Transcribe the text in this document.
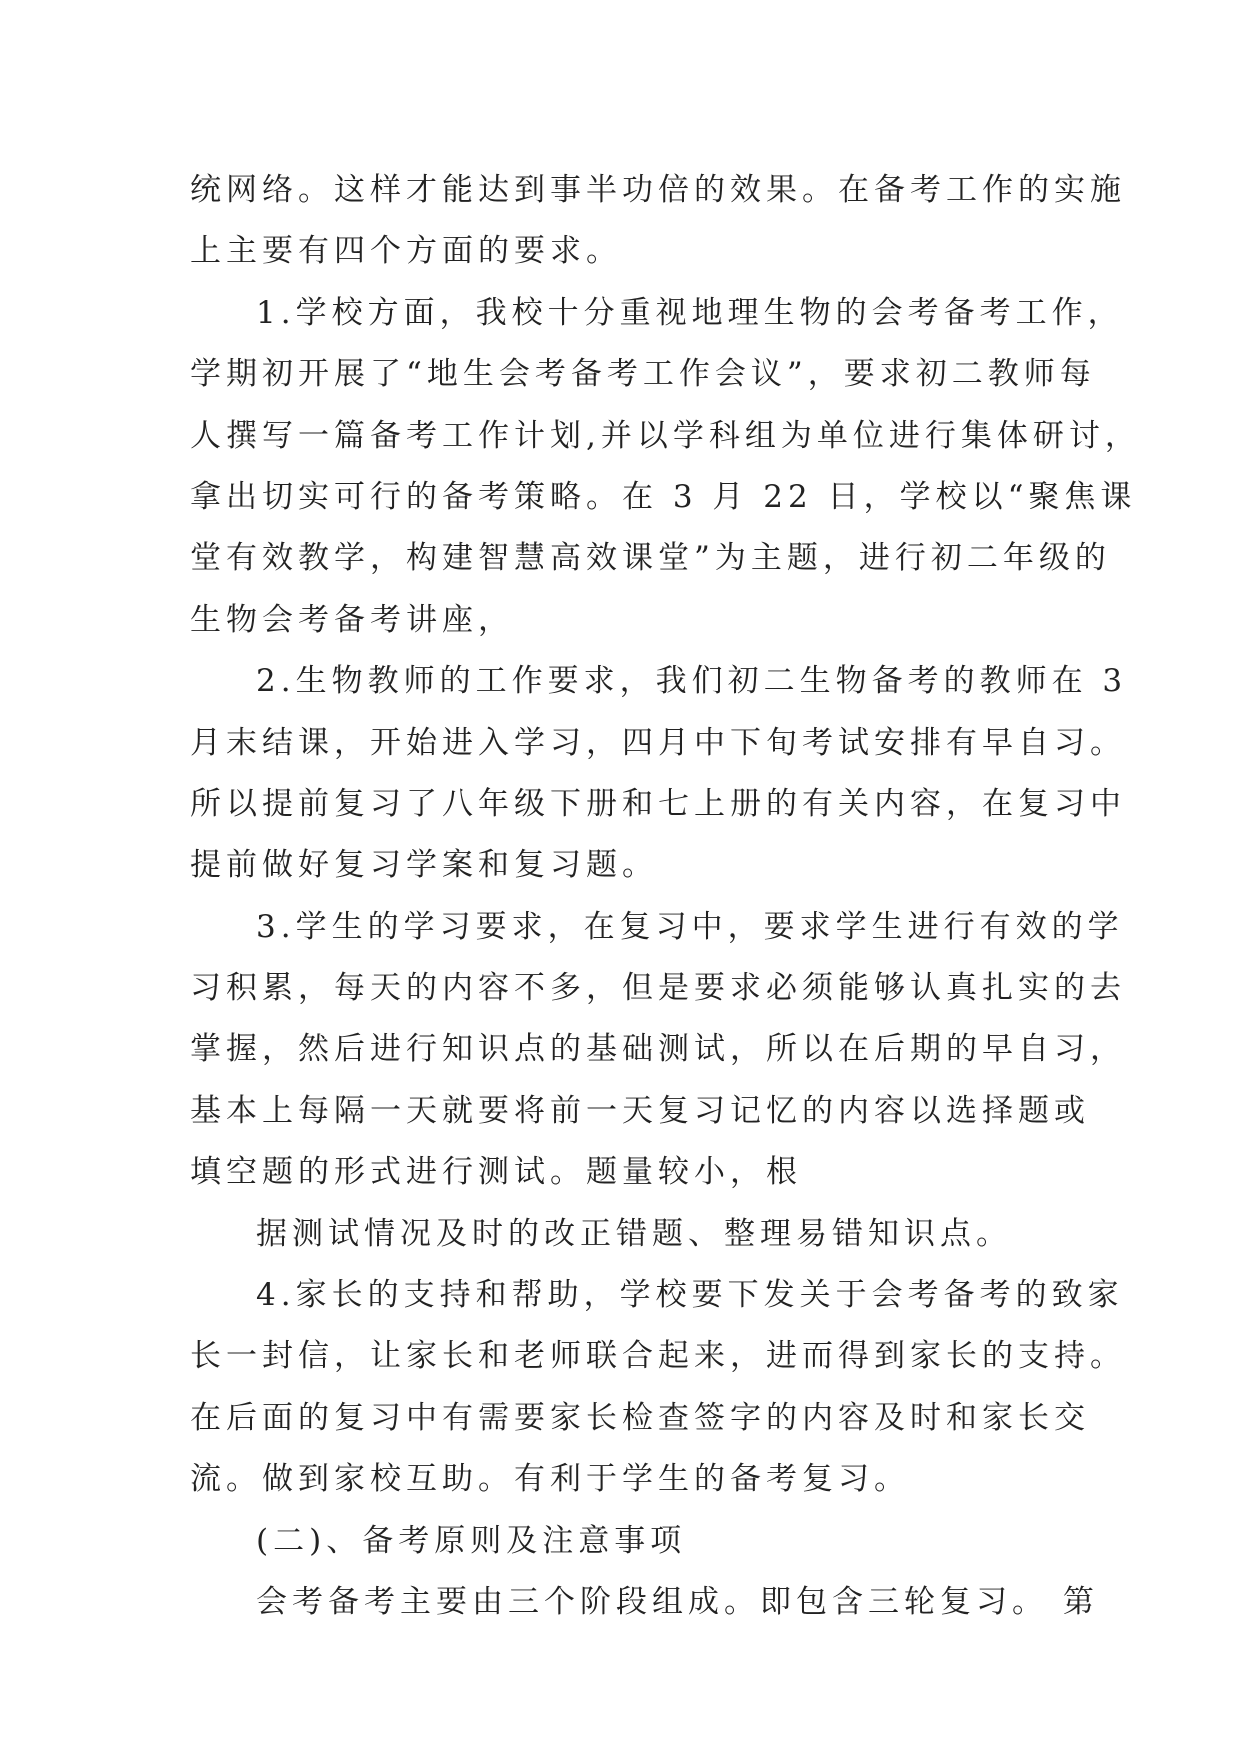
统网络。这样才能达到事半功倍的效果。在备考工作的实施
上主要有四个方面的要求。
1.学校方面，我校十分重视地理生物的会考备考工作，
学期初开展了“地生会考备考工作会议”，要求初二教师每
人撰写一篇备考工作计划,并以学科组为单位进行集体研讨，
拿出切实可行的备考策略。在 3 月 22 日，学校以“聚焦课
堂有效教学，构建智慧高效课堂”为主题，进行初二年级的
生物会考备考讲座，
2.生物教师的工作要求，我们初二生物备考的教师在 3
月末结课，开始进入学习，四月中下旬考试安排有早自习。
所以提前复习了八年级下册和七上册的有关内容，在复习中
提前做好复习学案和复习题。
3.学生的学习要求，在复习中，要求学生进行有效的学
习积累，每天的内容不多，但是要求必须能够认真扎实的去
掌握，然后进行知识点的基础测试，所以在后期的早自习，
基本上每隔一天就要将前一天复习记忆的内容以选择题或
填空题的形式进行测试。题量较小，根
据测试情况及时的改正错题、整理易错知识点。
4.家长的支持和帮助，学校要下发关于会考备考的致家
长一封信，让家长和老师联合起来，进而得到家长的支持。
在后面的复习中有需要家长检查签字的内容及时和家长交
流。做到家校互助。有利于学生的备考复习。
(二)、备考原则及注意事项
会考备考主要由三个阶段组成。即包含三轮复习。 第
